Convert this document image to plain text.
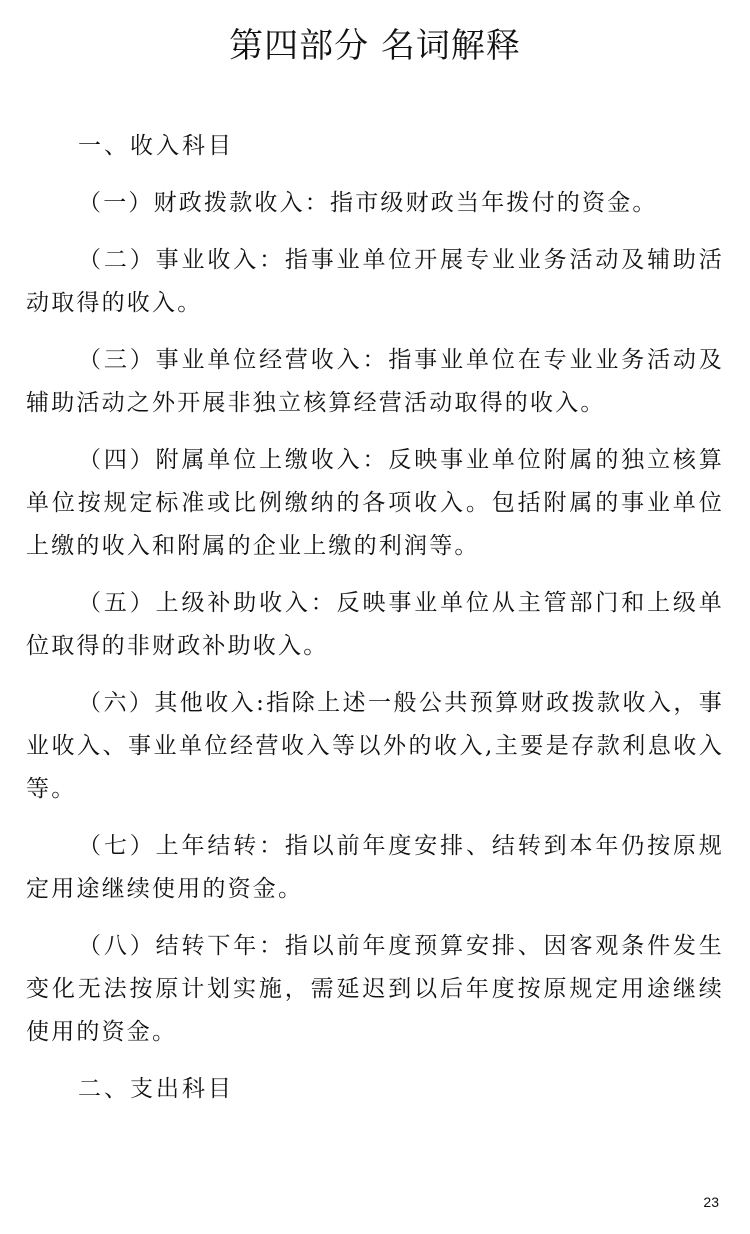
第四部分 名词解释

一、收入科目

（一）财政拨款收入：指市级财政当年拨付的资金。

（二）事业收入：指事业单位开展专业业务活动及辅助活动取得的收入。

（三）事业单位经营收入：指事业单位在专业业务活动及辅助活动之外开展非独立核算经营活动取得的收入。

（四）附属单位上缴收入：反映事业单位附属的独立核算单位按规定标准或比例缴纳的各项收入。包括附属的事业单位上缴的收入和附属的企业上缴的利润等。

（五）上级补助收入：反映事业单位从主管部门和上级单位取得的非财政补助收入。

（六）其他收入:指除上述一般公共预算财政拨款收入，事业收入、事业单位经营收入等以外的收入,主要是存款利息收入等。

（七）上年结转：指以前年度安排、结转到本年仍按原规定用途继续使用的资金。

（八）结转下年：指以前年度预算安排、因客观条件发生变化无法按原计划实施，需延迟到以后年度按原规定用途继续使用的资金。

二、支出科目

23
